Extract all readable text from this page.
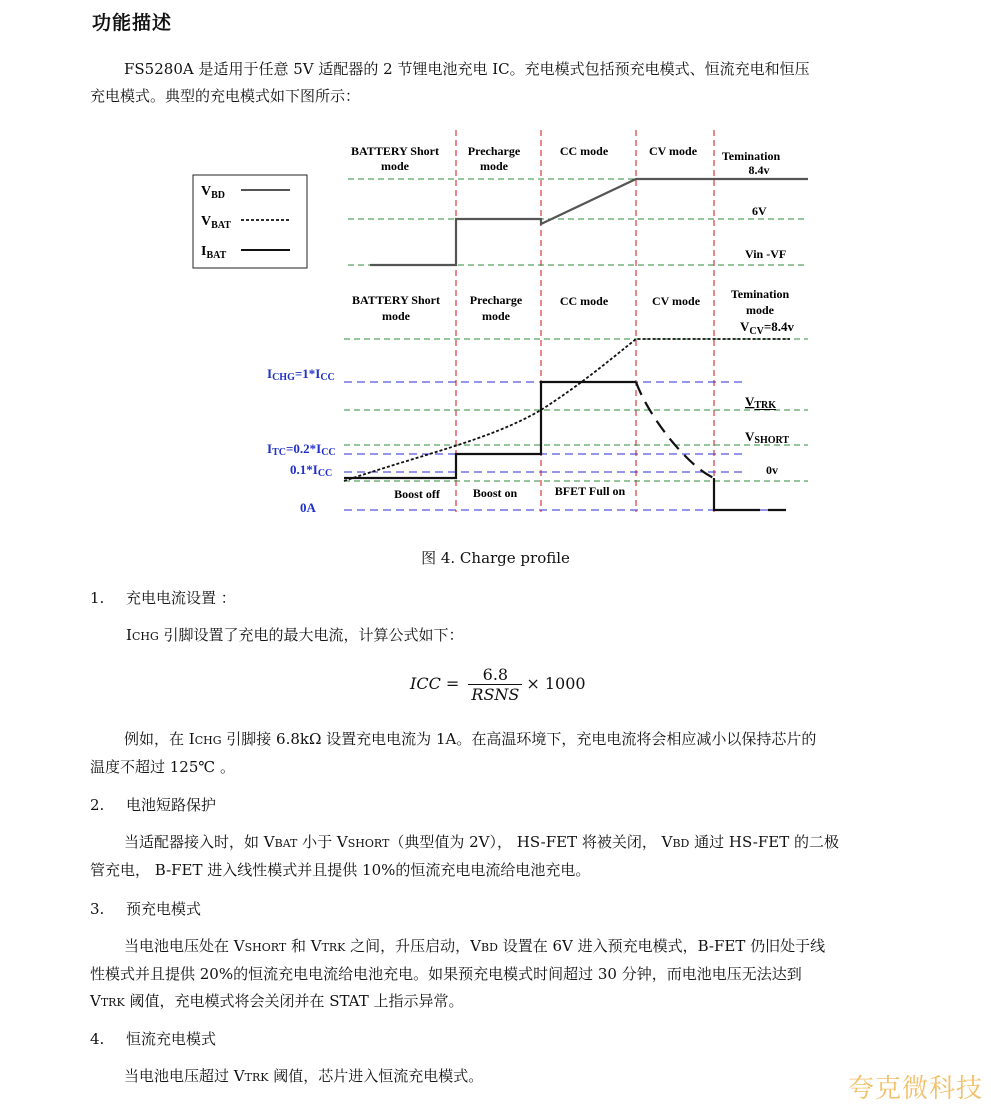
功能描述
FS5280A 是适用于任意 5V 适配器的 2 节锂电池充电 IC。充电模式包括预充电模式、恒流充电和恒压
充电模式。典型的充电模式如下图所示：
BATTERY Short
mode
Precharge
mode
CC mode	CV mode Temination
8.4v
$V_{BD}$
$V_{BAT}$
$I_{BAT}$
6V
Vin -VF
BATTERY Short
mode
Precharge
mode
CC mode	CV mode	Temination
mode
$V_{CV}=8.4v$
ICHG=1*ICC
ITC=0.2*ICC
0.1*ICC
0A
VTRK
VSHORT
0v
Boost off	Boost on	BFET Full on
图 4. Charge profile
1. 充电电流设置 ：
ICHG 引脚设置了充电的最大电流，计算公式如下：
ICC = $\frac{6.8}{\text{RSNS}} \times 1000$
例如，在 ICHG 引脚接 6.8kΩ 设置充电电流为 1A。在高温环境下，充电电流将会相应减小以保持芯片的
温度不超过 125℃ 。
2. 电池短路保护
当适配器接入时，如 VBAT 小于 VSHORT（典型值为 2V）， HS-FET 将被关闭， VBD 通过 HS-FET 的二极
管充电， B-FET 进入线性模式并且提供 10%的恒流充电电流给电池充电。
3. 预充电模式
当电池电压处在 VSHORT 和 VTRK 之间，升压启动，VBD 设置在 6V 进入预充电模式，B-FET 仍旧处于线
性模式并且提供 20%的恒流充电电流给电池充电。如果预充电模式时间超过 30 分钟，而电池电压无法达到
VTRK 阈值，充电模式将会关闭并在 STAT 上指示异常。
4. 恒流充电模式
当电池电压超过 VTRK 阈值，芯片进入恒流充电模式。	夸克微科技
